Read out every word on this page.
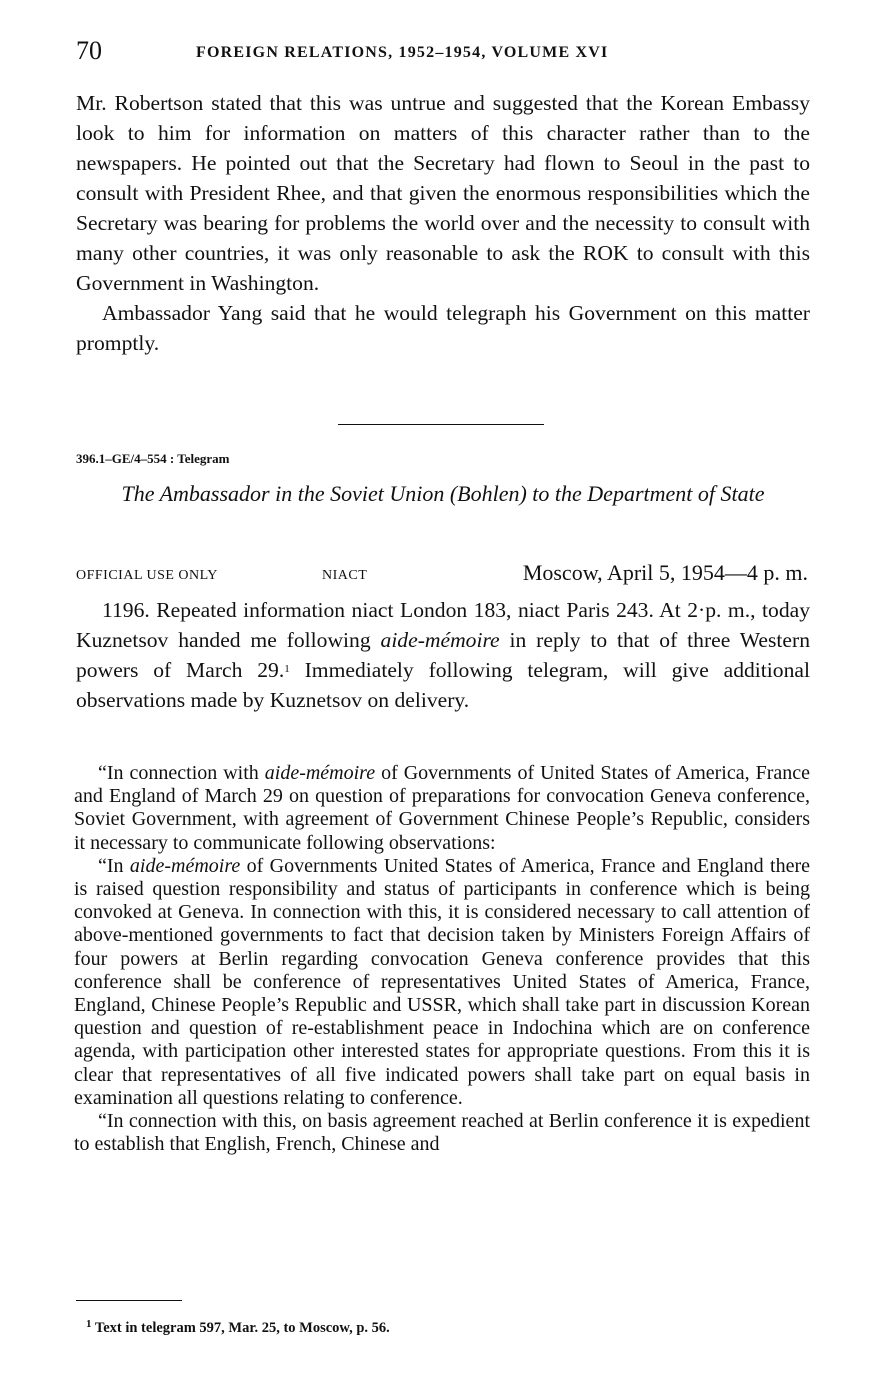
70	FOREIGN RELATIONS, 1952–1954, VOLUME XVI

Mr. Robertson stated that this was untrue and suggested that the Korean Embassy look to him for information on matters of this character rather than to the newspapers. He pointed out that the Secretary had flown to Seoul in the past to consult with President Rhee, and that given the enormous responsibilities which the Secretary was bearing for problems the world over and the necessity to consult with many other countries, it was only reasonable to ask the ROK to consult with this Government in Washington.

Ambassador Yang said that he would telegraph his Government on this matter promptly.

396.1–GE/4–554 : Telegram
The Ambassador in the Soviet Union (Bohlen) to the Department of State
OFFICIAL USE ONLY	NIACT	Moscow, April 5, 1954—4 p. m.

1196. Repeated information niact London 183, niact Paris 243. At 2·p. m., today Kuznetsov handed me following aide-mémoire in reply to that of three Western powers of March 29.$^1$ Immediately following telegram, will give additional observations made by Kuznetsov on delivery.

“In connection with aide-mémoire of Governments of United States of America, France and England of March 29 on question of preparations for convocation Geneva conference, Soviet Government, with agreement of Government Chinese People’s Republic, considers it necessary to communicate following observations:

“In aide-mémoire of Governments United States of America, France and England there is raised question responsibility and status of participants in conference which is being convoked at Geneva. In connection with this, it is considered necessary to call attention of above-mentioned governments to fact that decision taken by Ministers Foreign Affairs of four powers at Berlin regarding convocation Geneva conference provides that this conference shall be conference of representatives United States of America, France, England, Chinese People’s Republic and USSR, which shall take part in discussion Korean question and question of re-establishment peace in Indochina which are on conference agenda, with participation other interested states for appropriate questions. From this it is clear that representatives of all five indicated powers shall take part on equal basis in examination all questions relating to conference.

“In connection with this, on basis agreement reached at Berlin conference it is expedient to establish that English, French, Chinese and

$^1$ Text in telegram 597, Mar. 25, to Moscow, p. 56.
